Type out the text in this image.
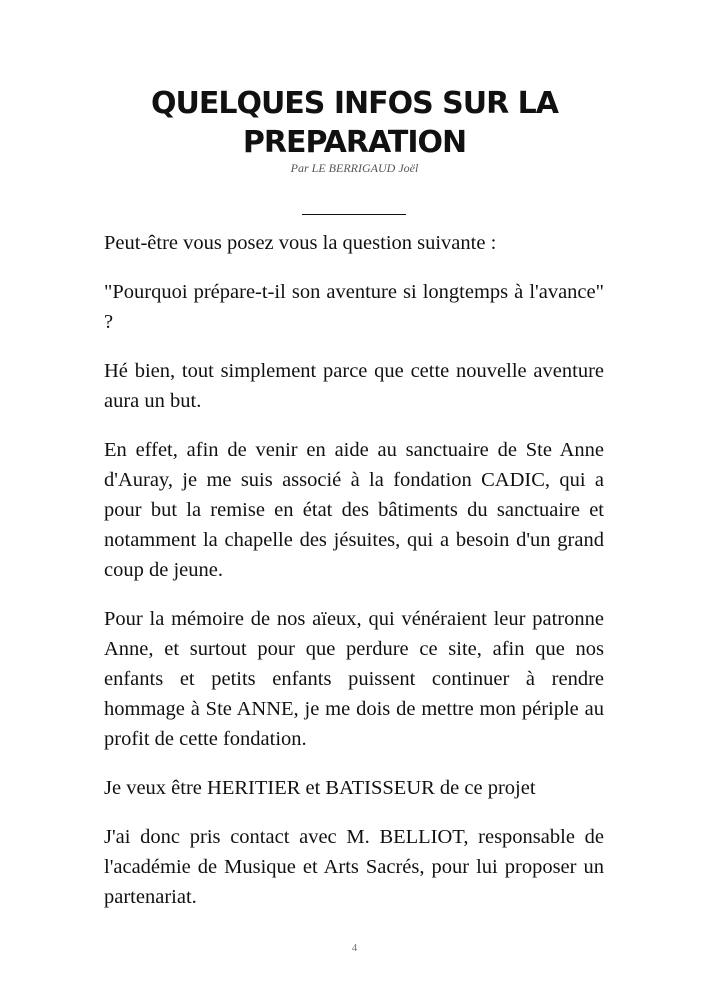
QUELQUES INFOS SUR LA PREPARATION

Par LE BERRIGAUD Joël

Peut-être vous posez vous la question suivante :

"Pourquoi prépare-t-il son aventure si longtemps à l'avance" ?

Hé bien, tout simplement parce que cette nouvelle aventure aura un but.

En effet, afin de venir en aide au sanctuaire de Ste Anne d'Auray, je me suis associé à la fondation CADIC, qui a pour but la remise en état des bâtiments du sanctuaire et notamment la chapelle des jésuites, qui a besoin d'un grand coup de jeune.

Pour la mémoire de nos aïeux, qui vénéraient leur patronne Anne, et surtout pour que perdure ce site, afin que nos enfants et petits enfants puissent continuer à rendre hommage à Ste ANNE, je me dois de mettre mon périple au profit de cette fondation.

Je veux être HERITIER et BATISSEUR de ce projet

J'ai donc pris contact avec M. BELLIOT, responsable de l'académie de Musique et Arts Sacrés, pour lui proposer un partenariat.

4
